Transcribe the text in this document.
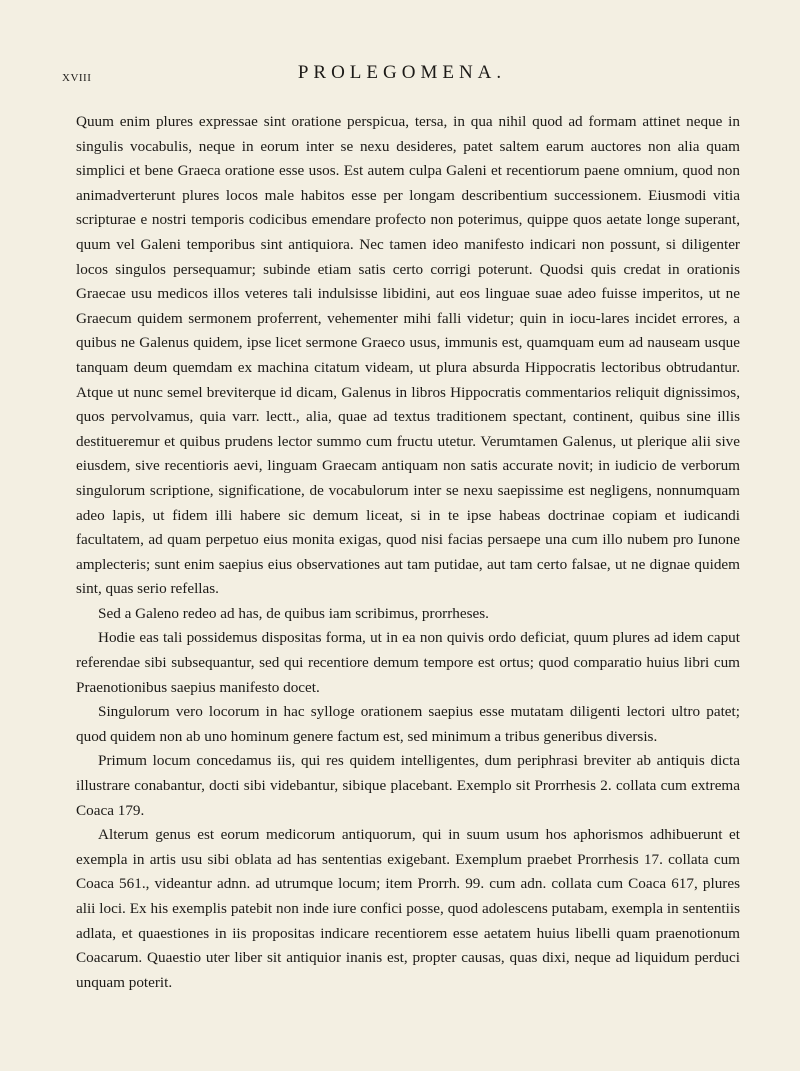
XVIII	PROLEGOMENA.

Quum enim plures expressae sint oratione perspicua, tersa, in qua nihil quod ad formam attinet neque in singulis vocabulis, neque in eorum inter se nexu desideres, patet saltem earum auctores non alia quam simplici et bene Graeca oratione esse usos. Est autem culpa Galeni et recentiorum paene omnium, quod non animadverterunt plures locos male habitos esse per longam describentium successionem. Eiusmodi vitia scripturae e nostri temporis codicibus emendare profecto non poterimus, quippe quos aetate longe superant, quum vel Galeni temporibus sint antiquiora. Nec tamen ideo manifesto indicari non possunt, si diligenter locos singulos persequamur; subinde etiam satis certo corrigi poterunt. Quodsi quis credat in orationis Graecae usu medicos illos veteres tali indulsisse libidini, aut eos linguae suae adeo fuisse imperitos, ut ne Graecum quidem sermonem proferrent, vehementer mihi falli videtur; quin in iocu-lares incidet errores, a quibus ne Galenus quidem, ipse licet sermone Graeco usus, immunis est, quamquam eum ad nauseam usque tanquam deum quemdam ex machina citatum videam, ut plura absurda Hippocratis lectoribus obtrudantur. Atque ut nunc semel breviterque id dicam, Galenus in libros Hippocratis commentarios reliquit dignissimos, quos pervolvamus, quia varr. lectt., alia, quae ad textus traditionem spectant, continent, quibus sine illis destitueremur et quibus prudens lector summo cum fructu utetur. Verumtamen Galenus, ut plerique alii sive eiusdem, sive recentioris aevi, linguam Graecam antiquam non satis accurate novit; in iudicio de verborum singulorum scriptione, significatione, de vocabulorum inter se nexu saepissime est negligens, nonnumquam adeo lapis, ut fidem illi habere sic demum liceat, si in te ipse habeas doctrinae copiam et iudicandi facultatem, ad quam perpetuo eius monita exigas, quod nisi facias persaepe una cum illo nubem pro Iunone amplecteris; sunt enim saepius eius observationes aut tam putidae, aut tam certo falsae, ut ne dignae quidem sint, quas serio refellas.

Sed a Galeno redeo ad has, de quibus iam scribimus, prorrheses.

Hodie eas tali possidemus dispositas forma, ut in ea non quivis ordo deficiat, quum plures ad idem caput referendae sibi subsequantur, sed qui recentiore demum tempore est ortus; quod comparatio huius libri cum Praenotionibus saepius manifesto docet.

Singulorum vero locorum in hac sylloge orationem saepius esse mutatam diligenti lectori ultro patet; quod quidem non ab uno hominum genere factum est, sed minimum a tribus generibus diversis.

Primum locum concedamus iis, qui res quidem intelligentes, dum periphrasi breviter ab antiquis dicta illustrare conabantur, docti sibi videbantur, sibique placebant. Exemplo sit Prorrhesis 2. collata cum extrema Coaca 179.

Alterum genus est eorum medicorum antiquorum, qui in suum usum hos aphorismos adhibuerunt et exempla in artis usu sibi oblata ad has sententias exigebant. Exemplum praebet Prorrhesis 17. collata cum Coaca 561., videantur adnn. ad utrumque locum; item Prorrh. 99. cum adn. collata cum Coaca 617, plures alii loci. Ex his exemplis patebit non inde iure confici posse, quod adolescens putabam, exempla in sententiis adlata, et quaestiones in iis propositas indicare recentiorem esse aetatem huius libelli quam praenotionum Coacarum. Quaestio uter liber sit antiquior inanis est, propter causas, quas dixi, neque ad liquidum perduci unquam poterit.
